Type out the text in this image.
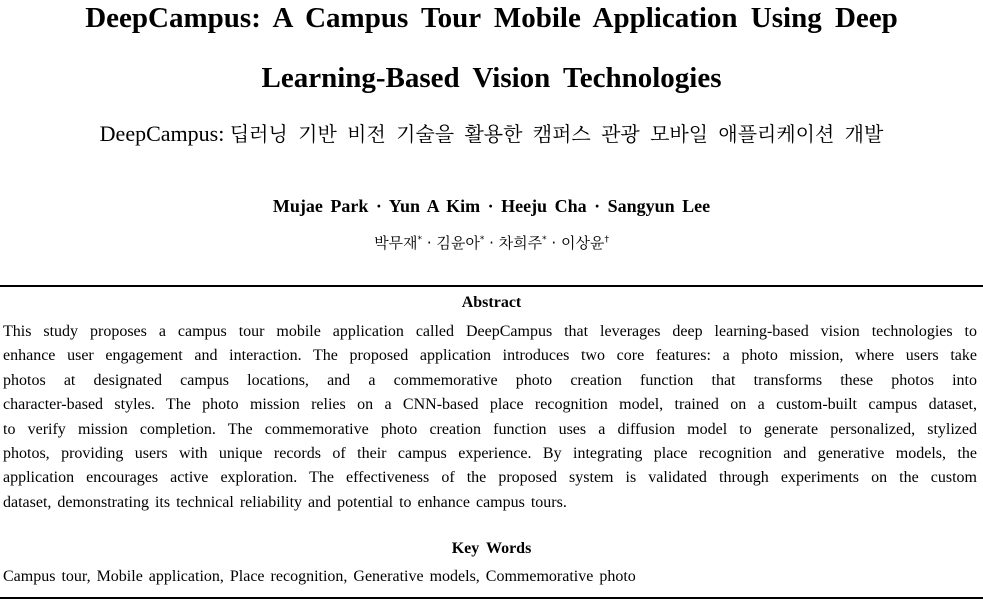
DeepCampus: A Campus Tour Mobile Application Using Deep
Learning-Based Vision Technologies
DeepCampus: 딥러닝 기반 비전 기술을 활용한 캠퍼스 관광 모바일 애플리케이션 개발
Mujae Park · Yun A Kim · Heeju Cha · Sangyun Lee
박무재* · 김윤아* · 차희주* · 이상윤†
Abstract
This study proposes a campus tour mobile application called DeepCampus that leverages deep learning-based vision technologies to
enhance user engagement and interaction. The proposed application introduces two core features: a photo mission, where users take
photos at designated campus locations, and a commemorative photo creation function that transforms these photos into
character-based styles. The photo mission relies on a CNN-based place recognition model, trained on a custom-built campus dataset,
to verify mission completion. The commemorative photo creation function uses a diffusion model to generate personalized, stylized
photos, providing users with unique records of their campus experience. By integrating place recognition and generative models, the
application encourages active exploration. The effectiveness of the proposed system is validated through experiments on the custom
dataset, demonstrating its technical reliability and potential to enhance campus tours.
Key Words
Campus tour, Mobile application, Place recognition, Generative models, Commemorative photo
